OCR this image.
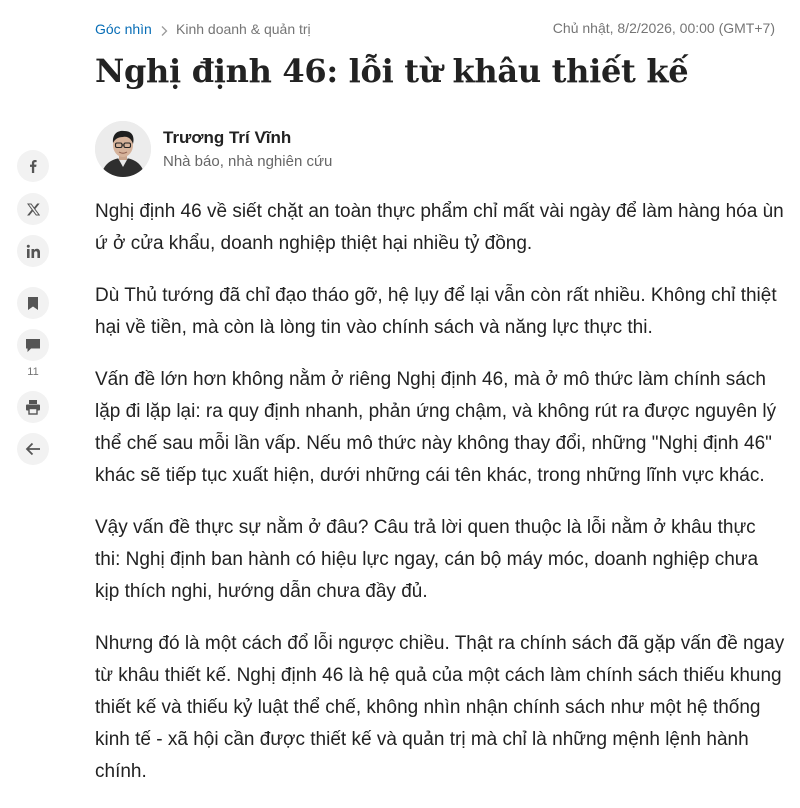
Góc nhìn Kinh doanh & quản trị	Chủ nhật, 8/2/2026, 00:00 (GMT+7)
Nghị định 46: lỗi từ khâu thiết kế
Trương Trí Vĩnh
Nhà báo, nhà nghiên cứu
11

Nghị định 46 về siết chặt an toàn thực phẩm chỉ mất vài ngày để làm hàng hóa ùn ứ ở cửa khẩu, doanh nghiệp thiệt hại nhiều tỷ đồng.

Dù Thủ tướng đã chỉ đạo tháo gỡ, hệ lụy để lại vẫn còn rất nhiều. Không chỉ thiệt hại về tiền, mà còn là lòng tin vào chính sách và năng lực thực thi.

Vấn đề lớn hơn không nằm ở riêng Nghị định 46, mà ở mô thức làm chính sách lặp đi lặp lại: ra quy định nhanh, phản ứng chậm, và không rút ra được nguyên lý thể chế sau mỗi lần vấp. Nếu mô thức này không thay đổi, những "Nghị định 46" khác sẽ tiếp tục xuất hiện, dưới những cái tên khác, trong những lĩnh vực khác.

Vậy vấn đề thực sự nằm ở đâu? Câu trả lời quen thuộc là lỗi nằm ở khâu thực thi: Nghị định ban hành có hiệu lực ngay, cán bộ máy móc, doanh nghiệp chưa kịp thích nghi, hướng dẫn chưa đầy đủ.

Nhưng đó là một cách đổ lỗi ngược chiều. Thật ra chính sách đã gặp vấn đề ngay từ khâu thiết kế. Nghị định 46 là hệ quả của một cách làm chính sách thiếu khung thiết kế và thiếu kỷ luật thể chế, không nhìn nhận chính sách như một hệ thống kinh tế - xã hội cần được thiết kế và quản trị mà chỉ là những mệnh lệnh hành chính.
